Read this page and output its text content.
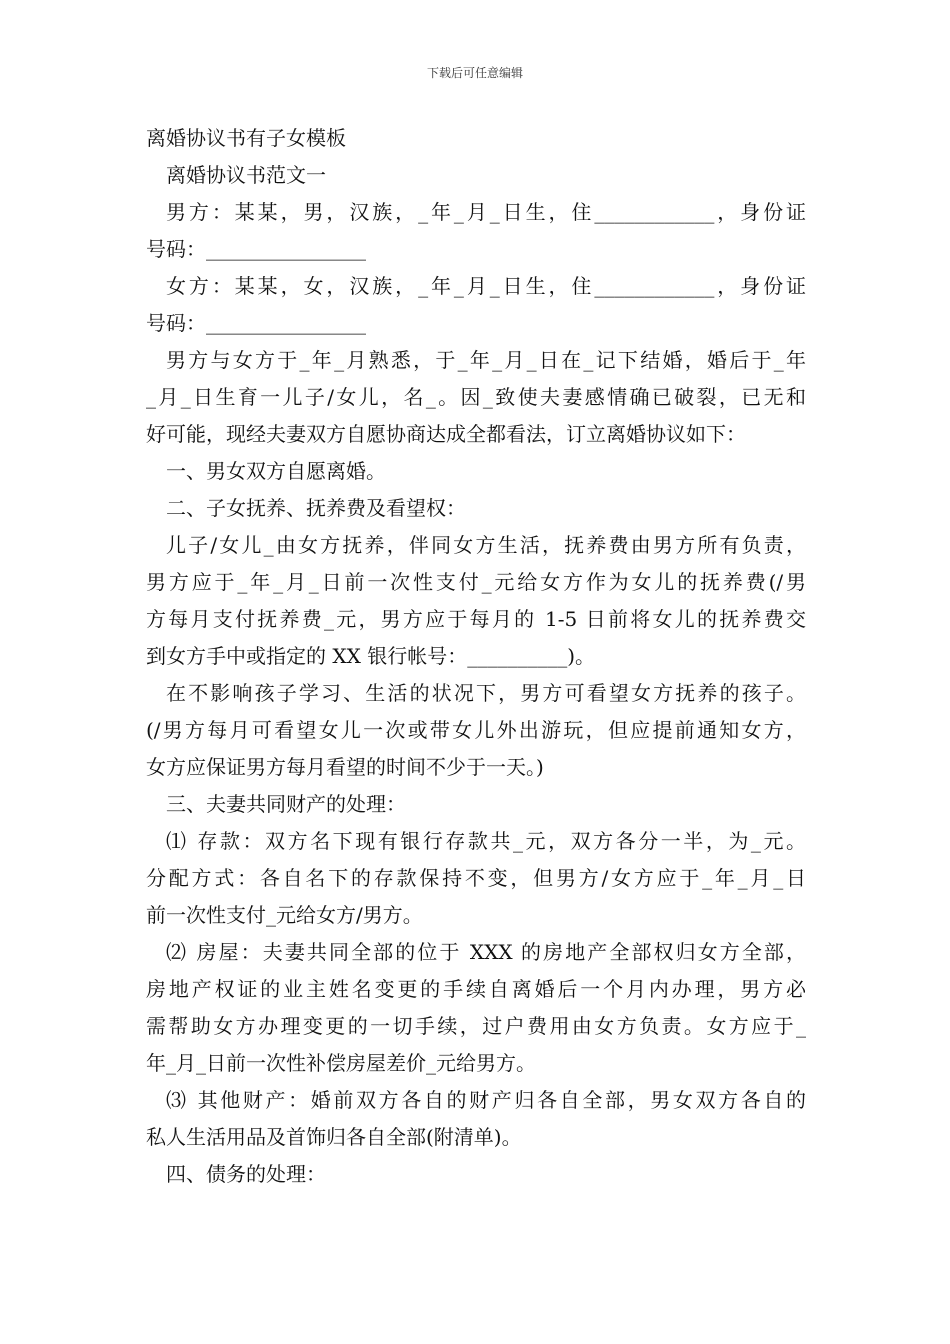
下载后可任意编辑
离婚协议书有子女模板
离婚协议书范文一
男方：某某，男，汉族，_年_月_日生，住____________，身份证
号码：________________
女方：某某，女，汉族，_年_月_日生，住____________，身份证
号码：________________
男方与女方于_年_月熟悉，于_年_月_日在_记下结婚，婚后于_年
_月_日生育一儿子/女儿，名_。因_致使夫妻感情确已破裂，已无和
好可能，现经夫妻双方自愿协商达成全都看法，订立离婚协议如下：
一、男女双方自愿离婚。
二、子女抚养、抚养费及看望权：
儿子/女儿_由女方抚养，伴同女方生活，抚养费由男方所有负责，
男方应于_年_月_日前一次性支付_元给女方作为女儿的抚养费(/男
方每月支付抚养费_元，男方应于每月的 1-5 日前将女儿的抚养费交
到女方手中或指定的 XX 银行帐号：__________)。
在不影响孩子学习、生活的状况下，男方可看望女方抚养的孩子。
(/男方每月可看望女儿一次或带女儿外出游玩，但应提前通知女方，
女方应保证男方每月看望的时间不少于一天。)
三、夫妻共同财产的处理：
⑴ 存款：双方名下现有银行存款共_元，双方各分一半，为_元。
分配方式：各自名下的存款保持不变，但男方/女方应于_年_月_日
前一次性支付_元给女方/男方。
⑵ 房屋：夫妻共同全部的位于 XXX 的房地产全部权归女方全部，
房地产权证的业主姓名变更的手续自离婚后一个月内办理，男方必
需帮助女方办理变更的一切手续，过户费用由女方负责。女方应于_
年_月_日前一次性补偿房屋差价_元给男方。
⑶ 其他财产：婚前双方各自的财产归各自全部，男女双方各自的
私人生活用品及首饰归各自全部(附清单)。
四、债务的处理：
